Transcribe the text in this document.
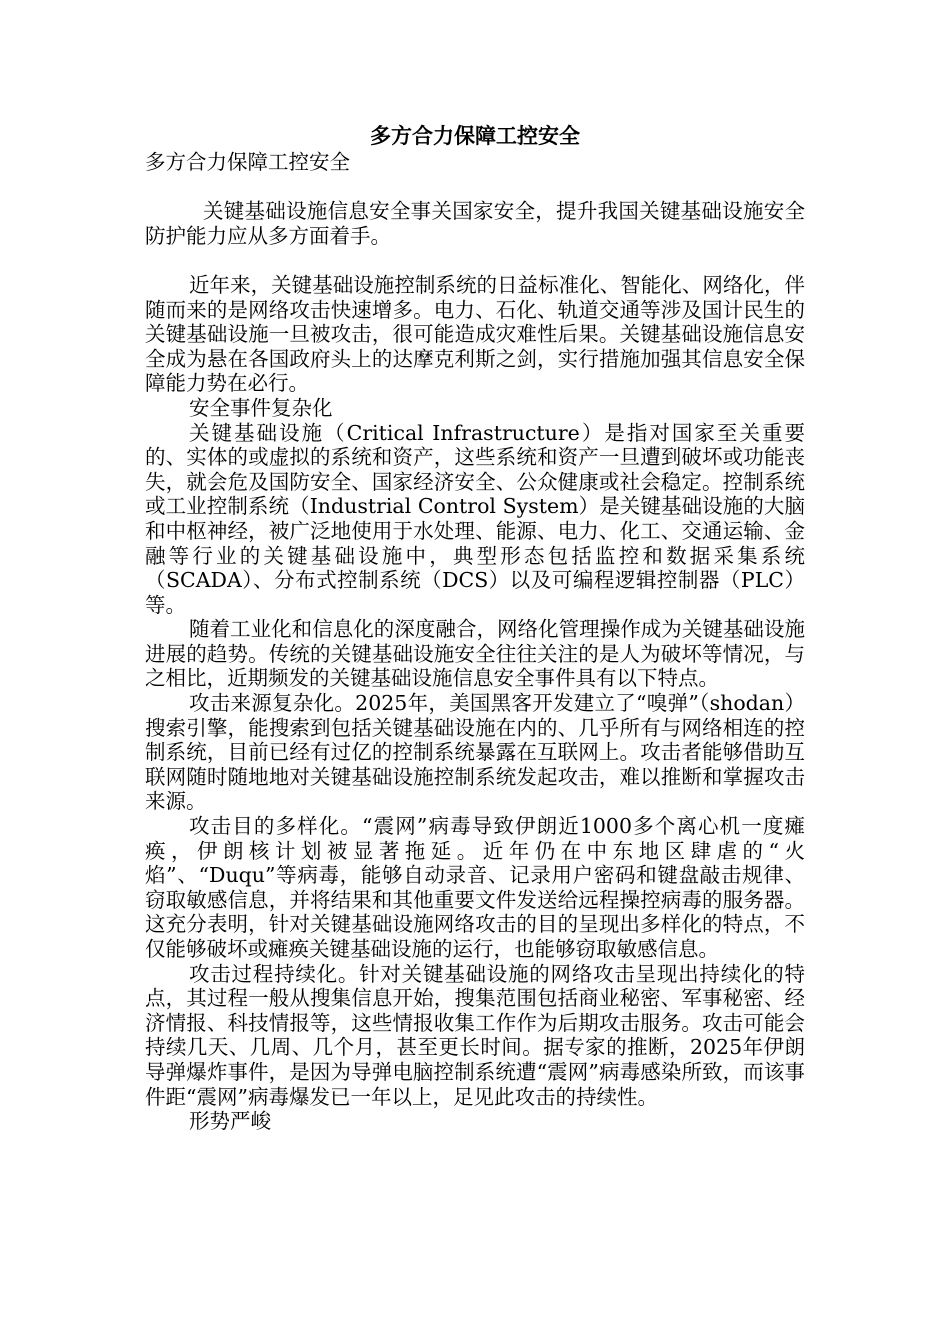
多方合力保障工控安全
多方合力保障工控安全

关键基础设施信息安全事关国家安全，提升我国关键基础设施安全防护能力应从多方面着手。

近年来，关键基础设施控制系统的日益标准化、智能化、网络化，伴随而来的是网络攻击快速增多。电力、石化、轨道交通等涉及国计民生的关键基础设施一旦被攻击，很可能造成灾难性后果。关键基础设施信息安全成为悬在各国政府头上的达摩克利斯之剑，实行措施加强其信息安全保障能力势在必行。

安全事件复杂化

关键基础设施（Critical Infrastructure）是指对国家至关重要的、实体的或虚拟的系统和资产，这些系统和资产一旦遭到破坏或功能丧失，就会危及国防安全、国家经济安全、公众健康或社会稳定。控制系统或工业控制系统（Industrial Control System）是关键基础设施的大脑和中枢神经，被广泛地使用于水处理、能源、电力、化工、交通运输、金融等行业的关键基础设施中，典型形态包括监控和数据采集系统（SCADA）、分布式控制系统（DCS）以及可编程逻辑控制器（PLC）等。

随着工业化和信息化的深度融合，网络化管理操作成为关键基础设施进展的趋势。传统的关键基础设施安全往往关注的是人为破坏等情况，与之相比，近期频发的关键基础设施信息安全事件具有以下特点。

攻击来源复杂化。2025年，美国黑客开发建立了“嗅弹”（shodan）搜索引擎，能搜索到包括关键基础设施在内的、几乎所有与网络相连的控制系统，目前已经有过亿的控制系统暴露在互联网上。攻击者能够借助互联网随时随地地对关键基础设施控制系统发起攻击，难以推断和掌握攻击来源。

攻击目的多样化。“震网”病毒导致伊朗近1000多个离心机一度瘫痪，伊朗核计划被显著拖延。近年仍在中东地区肆虐的“火焰”、“Duqu”等病毒，能够自动录音、记录用户密码和键盘敲击规律、窃取敏感信息，并将结果和其他重要文件发送给远程操控病毒的服务器。这充分表明，针对关键基础设施网络攻击的目的呈现出多样化的特点，不仅能够破坏或瘫痪关键基础设施的运行，也能够窃取敏感信息。

攻击过程持续化。针对关键基础设施的网络攻击呈现出持续化的特点，其过程一般从搜集信息开始，搜集范围包括商业秘密、军事秘密、经济情报、科技情报等，这些情报收集工作作为后期攻击服务。攻击可能会持续几天、几周、几个月，甚至更长时间。据专家的推断，2025年伊朗导弹爆炸事件，是因为导弹电脑控制系统遭“震网”病毒感染所致，而该事件距“震网”病毒爆发已一年以上，足见此攻击的持续性。

形势严峻
